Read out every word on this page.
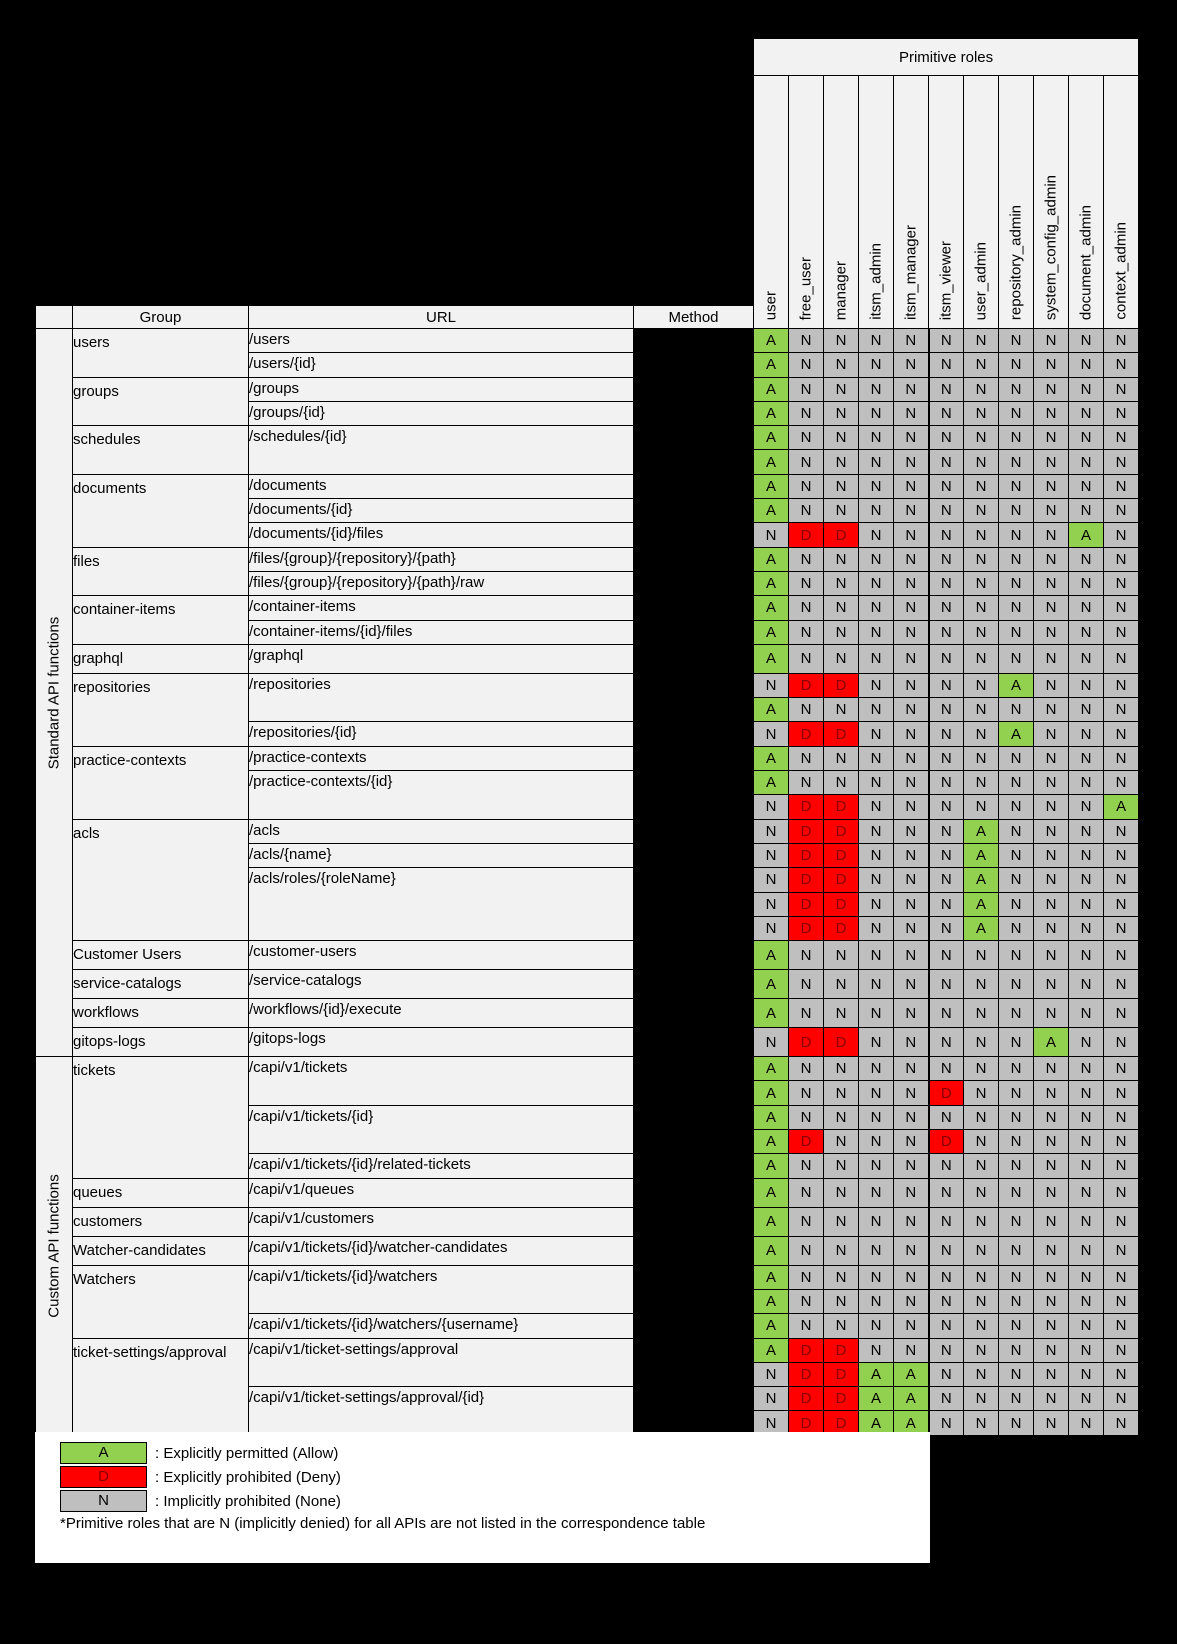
				Primitive roles										

				user	free_user	manager	itsm_admin	itsm_manager	itsm_viewer	user_admin	repository_admin	system_config_admin	document_admin	context_admin

	Group	URL	Method											

Standard API functions	users	/users		A	N	N	N	N	N	N	N	N	N	N
		/users/{id}		A	N	N	N	N	N	N	N	N	N	N
	groups	/groups		A	N	N	N	N	N	N	N	N	N	N
		/groups/{id}		A	N	N	N	N	N	N	N	N	N	N
	schedules	/schedules/{id}		A	N	N	N	N	N	N	N	N	N	N
				A	N	N	N	N	N	N	N	N	N	N
	documents	/documents		A	N	N	N	N	N	N	N	N	N	N
		/documents/{id}		A	N	N	N	N	N	N	N	N	N	N
		/documents/{id}/files		N	D	D	N	N	N	N	N	N	A	N
	files	/files/{group}/{repository}/{path}		A	N	N	N	N	N	N	N	N	N	N
		/files/{group}/{repository}/{path}/raw		A	N	N	N	N	N	N	N	N	N	N
	container-items	/container-items		A	N	N	N	N	N	N	N	N	N	N
		/container-items/{id}/files		A	N	N	N	N	N	N	N	N	N	N
	graphql	/graphql		A	N	N	N	N	N	N	N	N	N	N
	repositories	/repositories		N	D	D	N	N	N	N	A	N	N	N
				A	N	N	N	N	N	N	N	N	N	N
		/repositories/{id}		N	D	D	N	N	N	N	A	N	N	N
	practice-contexts	/practice-contexts		A	N	N	N	N	N	N	N	N	N	N
		/practice-contexts/{id}		A	N	N	N	N	N	N	N	N	N	N
				N	D	D	N	N	N	N	N	N	N	A
	acls	/acls		N	D	D	N	N	N	A	N	N	N	N
		/acls/{name}		N	D	D	N	N	N	A	N	N	N	N
		/acls/roles/{roleName}		N	D	D	N	N	N	A	N	N	N	N
				N	D	D	N	N	N	A	N	N	N	N
				N	D	D	N	N	N	A	N	N	N	N
	Customer Users	/customer-users		A	N	N	N	N	N	N	N	N	N	N
	service-catalogs	/service-catalogs		A	N	N	N	N	N	N	N	N	N	N
	workflows	/workflows/{id}/execute		A	N	N	N	N	N	N	N	N	N	N
	gitops-logs	/gitops-logs		N	D	D	N	N	N	N	N	A	N	N

Custom API functions	tickets	/capi/v1/tickets		A	N	N	N	N	N	N	N	N	N	N
				A	N	N	N	N	D	N	N	N	N	N
		/capi/v1/tickets/{id}		A	N	N	N	N	N	N	N	N	N	N
				A	D	N	N	N	D	N	N	N	N	N
		/capi/v1/tickets/{id}/related-tickets		A	N	N	N	N	N	N	N	N	N	N
	queues	/capi/v1/queues		A	N	N	N	N	N	N	N	N	N	N
	customers	/capi/v1/customers		A	N	N	N	N	N	N	N	N	N	N
	Watcher-candidates	/capi/v1/tickets/{id}/watcher-candidates		A	N	N	N	N	N	N	N	N	N	N
	Watchers	/capi/v1/tickets/{id}/watchers		A	N	N	N	N	N	N	N	N	N	N
				A	N	N	N	N	N	N	N	N	N	N
		/capi/v1/tickets/{id}/watchers/{username}		A	N	N	N	N	N	N	N	N	N	N
	ticket-settings/approval	/capi/v1/ticket-settings/approval		A	D	D	N	N	N	N	N	N	N	N
				N	D	D	A	A	N	N	N	N	N	N
		/capi/v1/ticket-settings/approval/{id}		N	D	D	A	A	N	N	N	N	N	N
				N	D	D	A	A	N	N	N	N	N	N
A	: Explicitly permitted (Allow)
D	: Explicitly prohibited (Deny)
N	: Implicitly prohibited (None)
*Primitive roles that are N (implicitly denied) for all APIs are not listed in the correspondence table
